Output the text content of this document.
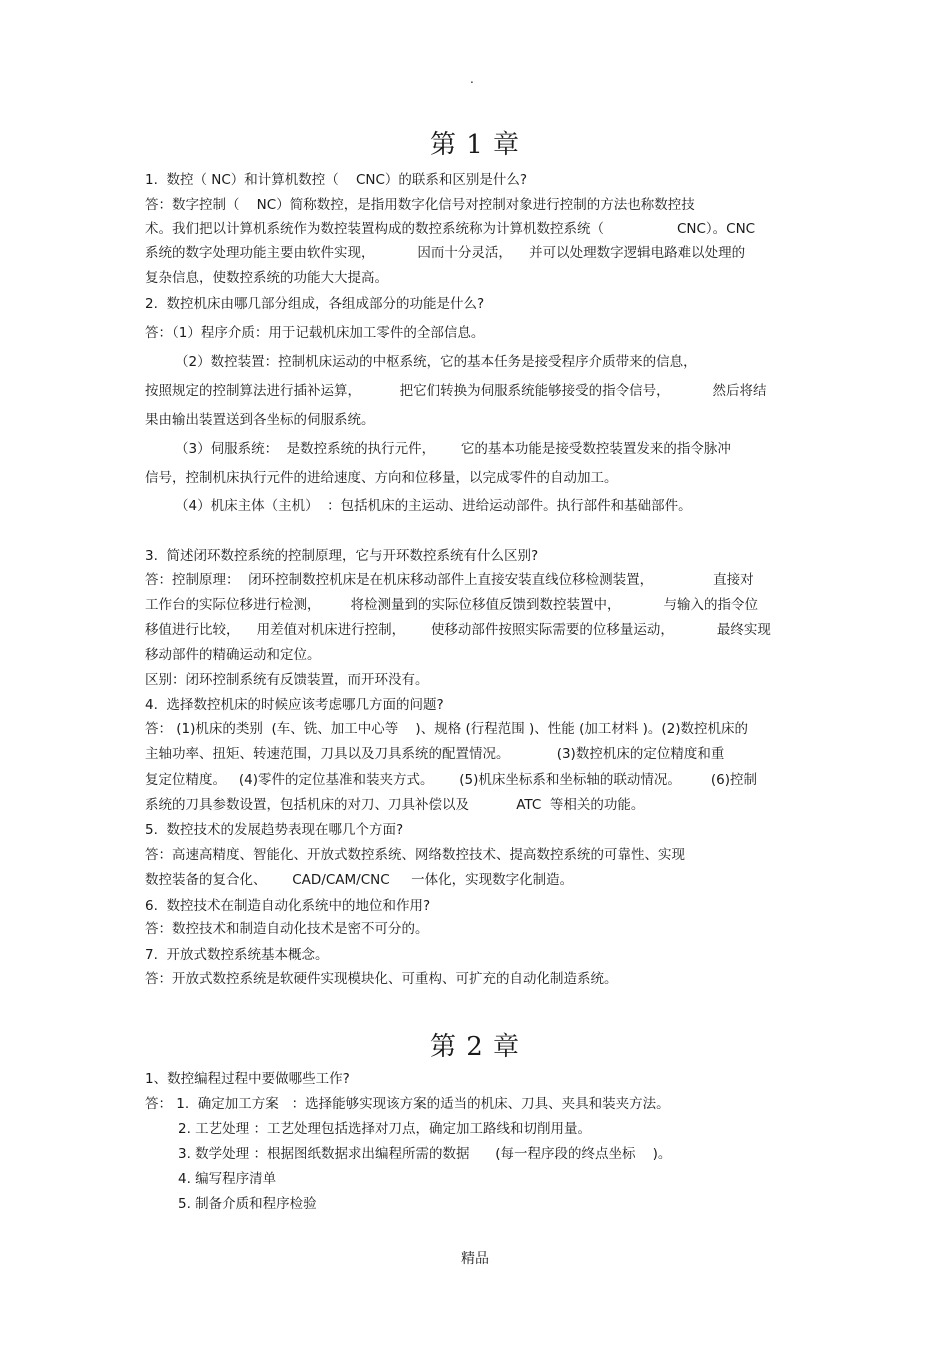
.
第 1 章
1.  数控（ NC）和计算机数控（    CNC）的联系和区别是什么?
答：数字控制（    NC）简称数控，是指用数字化信号对控制对象进行控制的方法也称数控技
术。我们把以计算机系统作为数控装置构成的数控系统称为计算机数控系统（                 CNC）。CNC
系统的数字处理功能主要由软件实现，          因而十分灵活，    并可以处理数字逻辑电路难以处理的
复杂信息，使数控系统的功能大大提高。
2.  数控机床由哪几部分组成，各组成部分的功能是什么?
答：（1）程序介质：用于记载机床加工零件的全部信息。
（2）数控装置：控制机床运动的中枢系统，它的基本任务是接受程序介质带来的信息，
按照规定的控制算法进行插补运算，         把它们转换为伺服系统能够接受的指令信号，          然后将结
果由输出装置送到各坐标的伺服系统。
（3）伺服系统：  是数控系统的执行元件，      它的基本功能是接受数控装置发来的指令脉冲
信号，控制机床执行元件的进给速度、方向和位移量，以完成零件的自动加工。
（4）机床主体（主机）  ：包括机床的主运动、进给运动部件。执行部件和基础部件。
3.  简述闭环数控系统的控制原理，它与开环数控系统有什么区别?
答：控制原理：  闭环控制数控机床是在机床移动部件上直接安装直线位移检测装置，              直接对
工作台的实际位移进行检测，       将检测量到的实际位移值反馈到数控装置中，          与输入的指令位
移值进行比较，    用差值对机床进行控制，      使移动部件按照实际需要的位移量运动，          最终实现
移动部件的精确运动和定位。
区别：闭环控制系统有反馈装置，而开环没有。
4.  选择数控机床的时候应该考虑哪几方面的问题?
答： (1)机床的类别  (车、铣、加工中心等    )、规格 (行程范围 )、性能 (加工材料 )。(2)数控机床的
主轴功率、扭矩、转速范围，刀具以及刀具系统的配置情况。           (3)数控机床的定位精度和重
复定位精度。   (4)零件的定位基准和装夹方式。      (5)机床坐标系和坐标轴的联动情况。       (6)控制
系统的刀具参数设置，包括机床的对刀、刀具补偿以及           ATC  等相关的功能。
5.  数控技术的发展趋势表现在哪几个方面?
答：高速高精度、智能化、开放式数控系统、网络数控技术、提高数控系统的可靠性、实现
数控装备的复合化、      CAD/CAM/CNC     一体化，实现数字化制造。
6.  数控技术在制造自动化系统中的地位和作用?
答：数控技术和制造自动化技术是密不可分的。
7.  开放式数控系统基本概念。
答：开放式数控系统是软硬件实现模块化、可重构、可扩充的自动化制造系统。
第 2 章
1、数控编程过程中要做哪些工作?
答： 1.  确定加工方案   ：选择能够实现该方案的适当的机床、刀具、夹具和装夹方法。
2. 工艺处理 ：工艺处理包括选择对刀点，确定加工路线和切削用量。
3. 数学处理 ：根据图纸数据求出编程所需的数据      (每一程序段的终点坐标    )。
4. 编写程序清单
5. 制备介质和程序检验
精品
